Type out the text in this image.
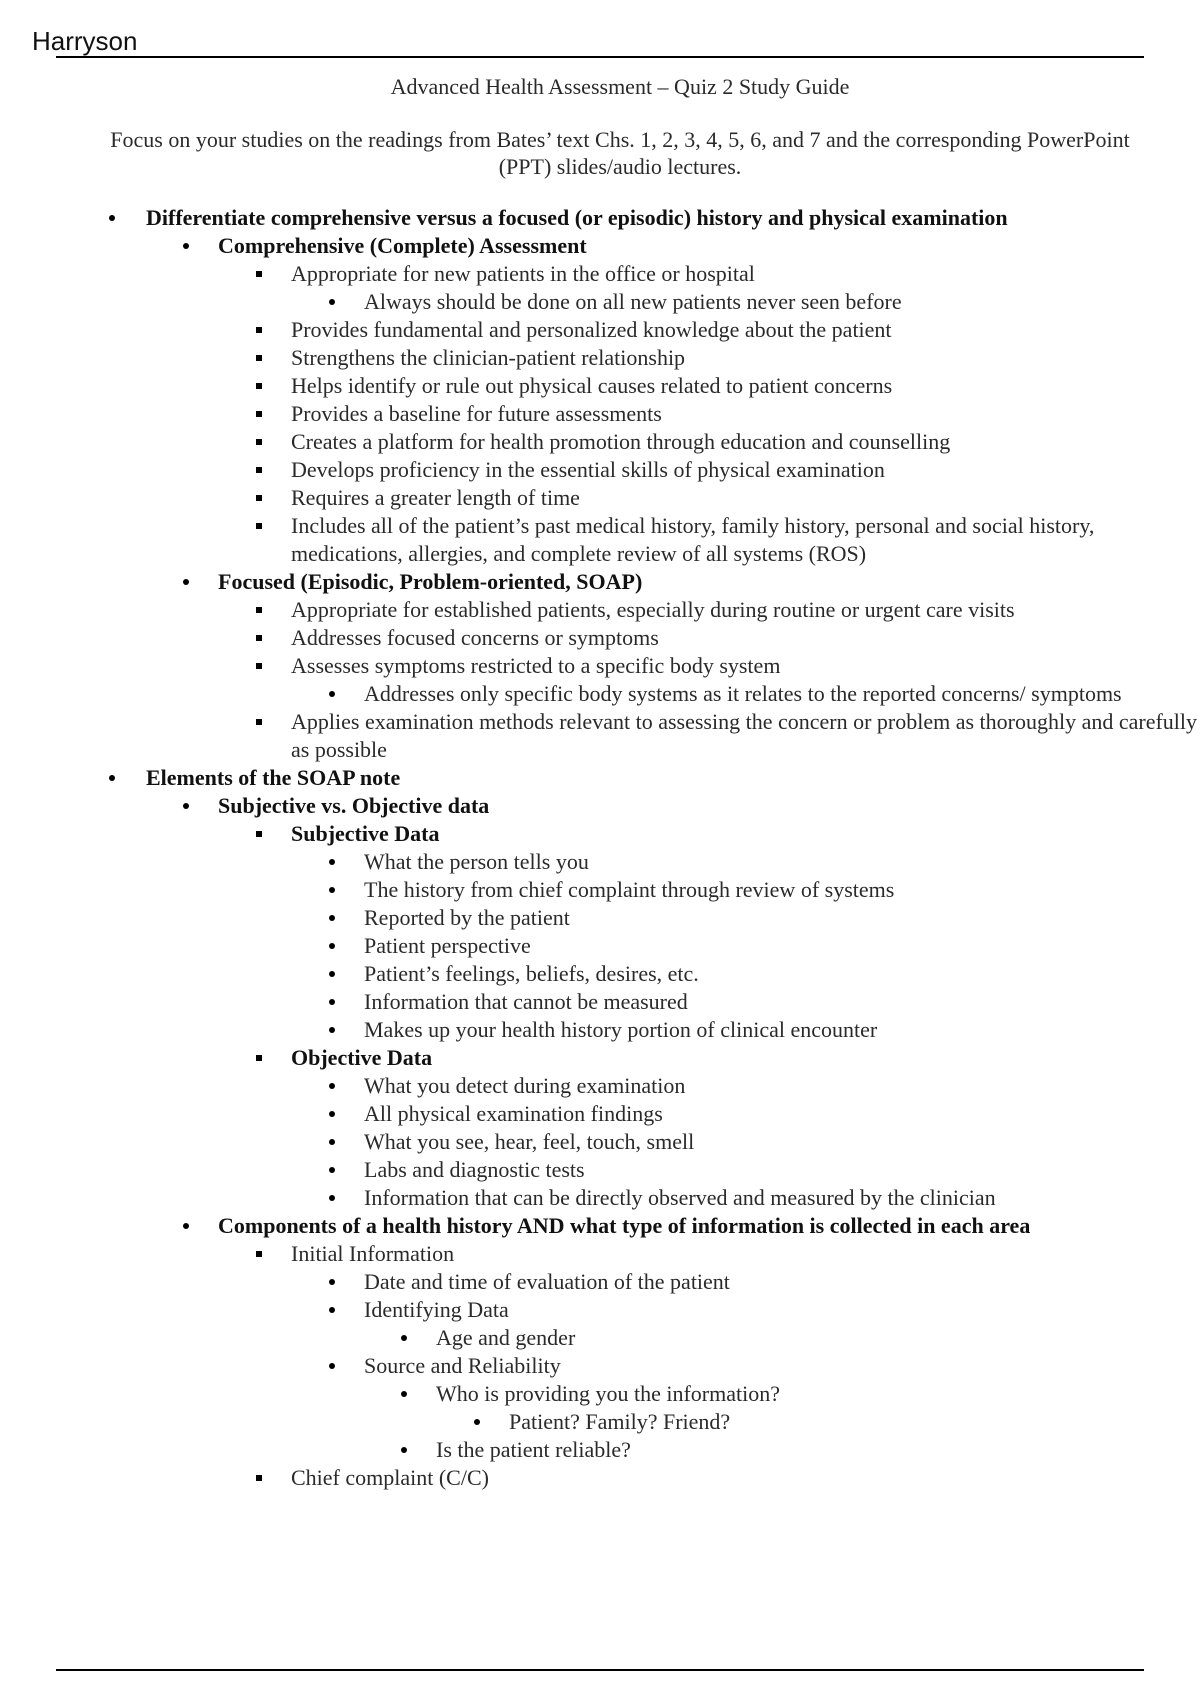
Harryson
Advanced Health Assessment – Quiz 2 Study Guide
Focus on your studies on the readings from Bates’ text Chs. 1, 2, 3, 4, 5, 6, and 7 and the corresponding PowerPoint (PPT) slides/audio lectures.
Differentiate comprehensive versus a focused (or episodic) history and physical examination
Comprehensive (Complete) Assessment
Appropriate for new patients in the office or hospital
Always should be done on all new patients never seen before
Provides fundamental and personalized knowledge about the patient
Strengthens the clinician-patient relationship
Helps identify or rule out physical causes related to patient concerns
Provides a baseline for future assessments
Creates a platform for health promotion through education and counselling
Develops proficiency in the essential skills of physical examination
Requires a greater length of time
Includes all of the patient’s past medical history, family history, personal and social history, medications, allergies, and complete review of all systems (ROS)
Focused (Episodic, Problem-oriented, SOAP)
Appropriate for established patients, especially during routine or urgent care visits
Addresses focused concerns or symptoms
Assesses symptoms restricted to a specific body system
Addresses only specific body systems as it relates to the reported concerns/ symptoms
Applies examination methods relevant to assessing the concern or problem as thoroughly and carefully as possible
Elements of the SOAP note
Subjective vs. Objective data
Subjective Data
What the person tells you
The history from chief complaint through review of systems
Reported by the patient
Patient perspective
Patient’s feelings, beliefs, desires, etc.
Information that cannot be measured
Makes up your health history portion of clinical encounter
Objective Data
What you detect during examination
All physical examination findings
What you see, hear, feel, touch, smell
Labs and diagnostic tests
Information that can be directly observed and measured by the clinician
Components of a health history AND what type of information is collected in each area
Initial Information
Date and time of evaluation of the patient
Identifying Data
Age and gender
Source and Reliability
Who is providing you the information?
Patient? Family? Friend?
Is the patient reliable?
Chief complaint (C/C)
